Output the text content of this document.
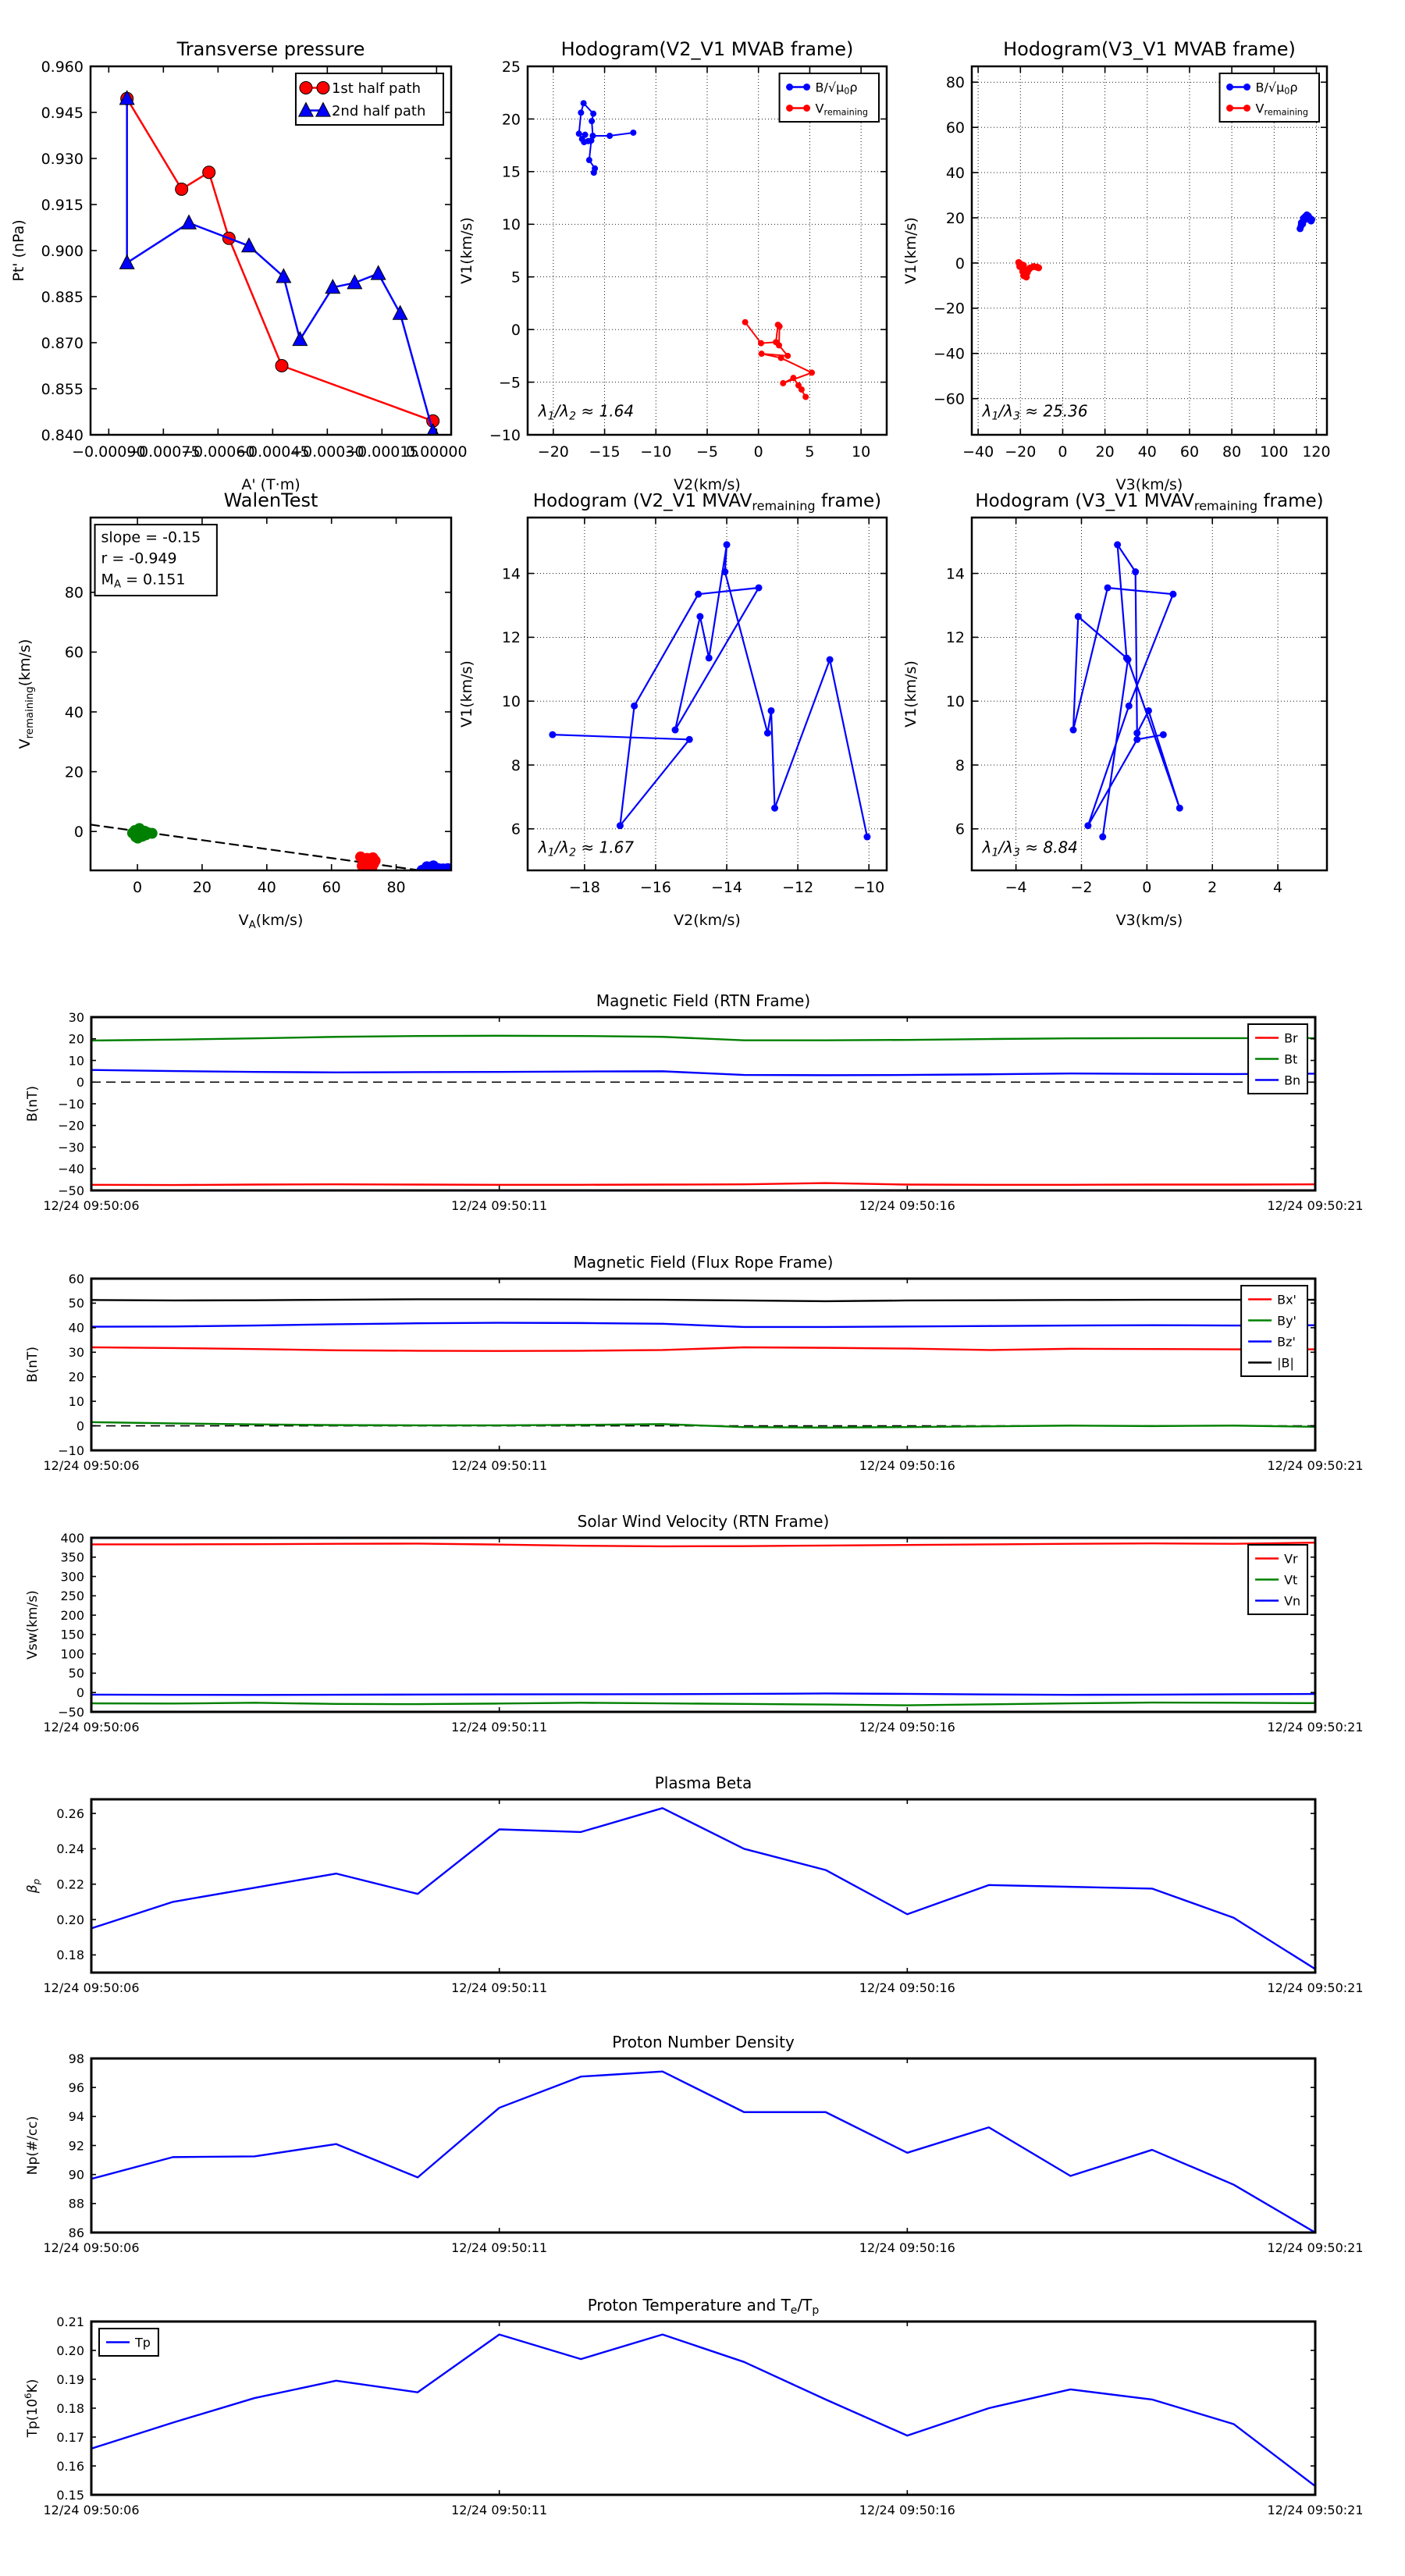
−0.00090
−0.00075
−0.00060
−0.00045
−0.00030
−0.00015
0.00000
0.840
0.855
0.870
0.885
0.900
0.915
0.930
0.945
0.960
Transverse pressure
A' (T·m)
Pt' (nPa)
1st half path
2nd half path
−20 −15 −10 −5 0	5	10
−10
−5
0
5
10
15
20
25
Hodogram(V2_V1 MVAB frame)
V2(km/s)
V1(km/s)
$B/√\mu_0\rho$
$V_{remaining}$
$\lambda_1/\lambda_2 \approx 1.64$
−40 −20 0 20 40 60 80 100 120
−60
−40
−20
0
20
40
60
80
Hodogram(V3_V1 MVAB frame)
V3(km/s)
V1(km/s)
$B/√\mu_0\rho$
$V_{remaining}$
$\lambda_1/\lambda_3 \approx 25.36$
0	20	40	60	80
0
20
40
60
80
WalenTest
$V_A(km/s)$
$V_{remaining}(km/s)$
slope = -0.15
r = -0.949
$M_A = 0.151$
−18	−16	−14	−12	−10
6
8
10
12
14
Hodogram (V2_V1 $MVAV_{remaining}$ frame)
V2(km/s)
V1(km/s)
$\lambda_1/\lambda_2 \approx 1.67$
−4	−2	0	2	4
6
8
10
12
14
Hodogram (V3_V1 $MVAV_{remaining}$ frame)
V3(km/s)
V1(km/s)
$\lambda_1/\lambda_3 \approx 8.84$
12/24 09:50:06	12/24 09:50:11	12/24 09:50:16	12/24 09:50:21
30
20
10
0
−10
−20
−30
−40
−50
Magnetic Field (RTN Frame)
B(nT)
Br
Bt
Bn
12/24 09:50:06	12/24 09:50:11	12/24 09:50:16	12/24 09:50:21
60
50
40
30
20
10
0
−10
Magnetic Field (Flux Rope Frame)
B(nT)
Bx'
By'
Bz'
|B|
12/24 09:50:06	12/24 09:50:11	12/24 09:50:16	12/24 09:50:21
400
350
300
250
200
150
100
50
0
−50
Solar Wind Velocity (RTN Frame)
Vsw(km/s)
Vr
Vt
Vn
12/24 09:50:06	12/24 09:50:11	12/24 09:50:16	12/24 09:50:21
0.18
0.20
0.22
0.24
0.26
Plasma Beta
$\beta_p$
12/24 09:50:06	12/24 09:50:11	12/24 09:50:16	12/24 09:50:21
86
88
90
92
94
96
98
Proton Number Density
Np(#/cc)
12/24 09:50:06	12/24 09:50:11	12/24 09:50:16	12/24 09:50:21
0.15
0.16
0.17
0.18
0.19
0.20
0.21
Proton Temperature and $T_e/T_p$
$Tp(10^6K)$
Tp
